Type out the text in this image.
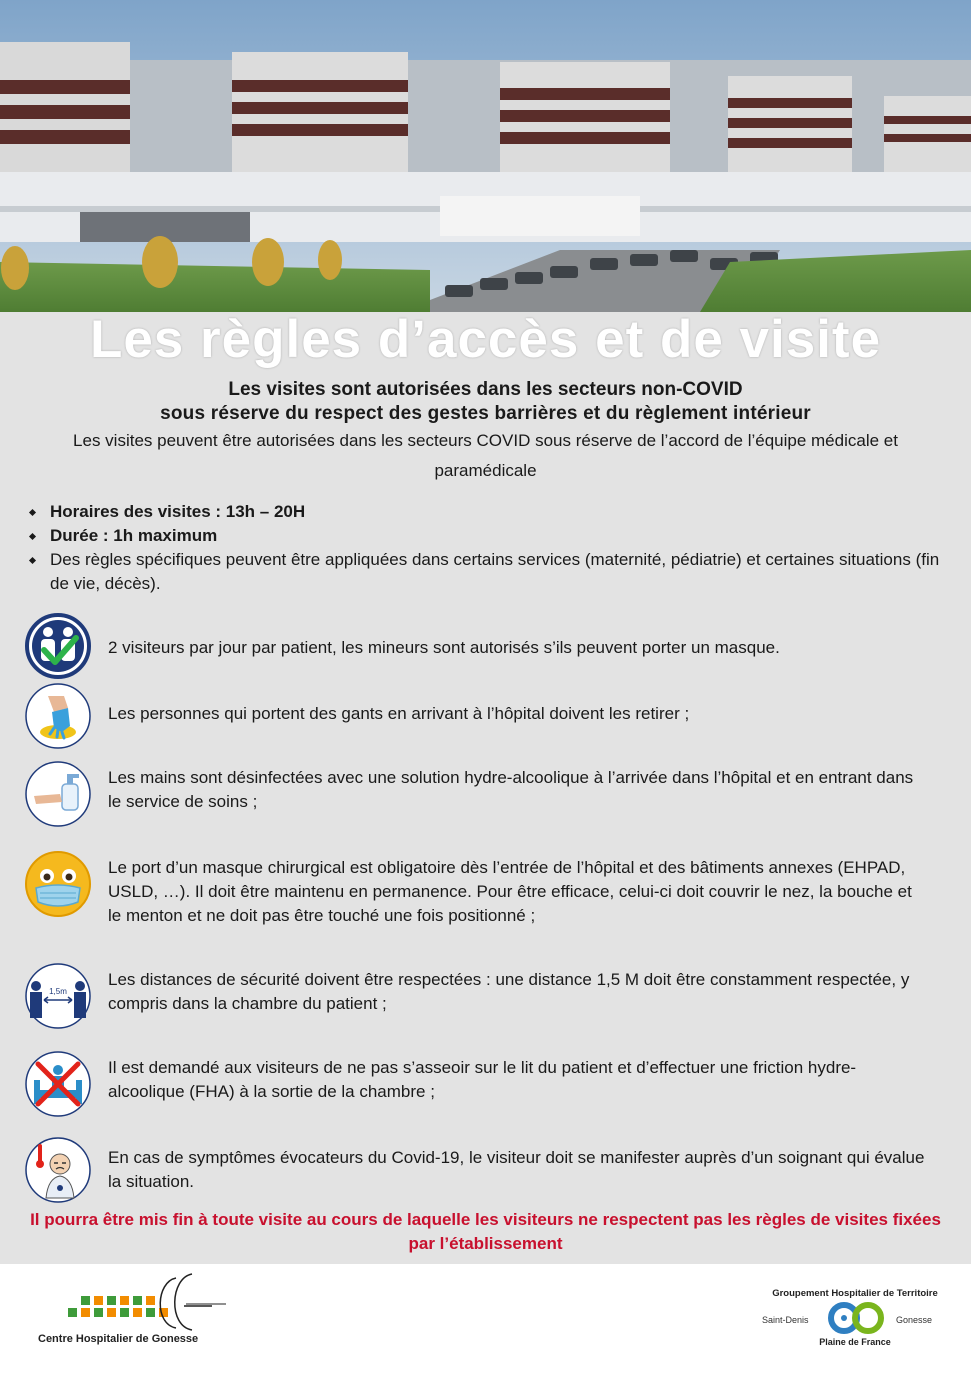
Les règles d’accès et de visite
Les visites sont autorisées dans les secteurs non-COVID
sous réserve du respect des gestes barrières et du règlement intérieur
Les visites peuvent être autorisées dans les secteurs COVID sous réserve de l’accord de l’équipe médicale et paramédicale
Horaires des visites : 13h – 20H
Durée : 1h maximum
Des règles spécifiques peuvent être appliquées dans certains services (maternité, pédiatrie) et certaines situations (fin de vie, décès).
2 visiteurs par jour par patient, les mineurs sont autorisés s’ils peuvent porter un masque.
Les personnes qui portent des gants en arrivant à l’hôpital doivent les retirer ;
Les mains sont désinfectées avec une solution hydre-alcoolique à l’arrivée dans l’hôpital et en entrant dans le service de soins ;
Le port d’un masque chirurgical est obligatoire dès l’entrée de l’hôpital et des bâtiments annexes (EHPAD, USLD, …). Il doit être maintenu en permanence. Pour être efficace, celui-ci doit couvrir le nez, la bouche et le menton et ne doit pas être touché une fois positionné ;
1,5m
Les distances de sécurité doivent être respectées : une distance 1,5 M doit être constamment respectée, y compris dans la chambre du patient ;
Il est demandé aux visiteurs de ne pas s’asseoir sur le lit du patient et d’effectuer une friction hydre-alcoolique (FHA) à la sortie de la chambre ;
En cas de symptômes évocateurs du Covid-19, le visiteur doit se manifester auprès d’un soignant qui évalue la situation.
Il pourra être mis fin à toute visite au cours de laquelle les visiteurs ne respectent pas les règles de visites fixées par l’établissement
Centre Hospitalier de Gonesse
Groupement Hospitalier de Territoire
Saint-Denis	Gonesse
Plaine de France
